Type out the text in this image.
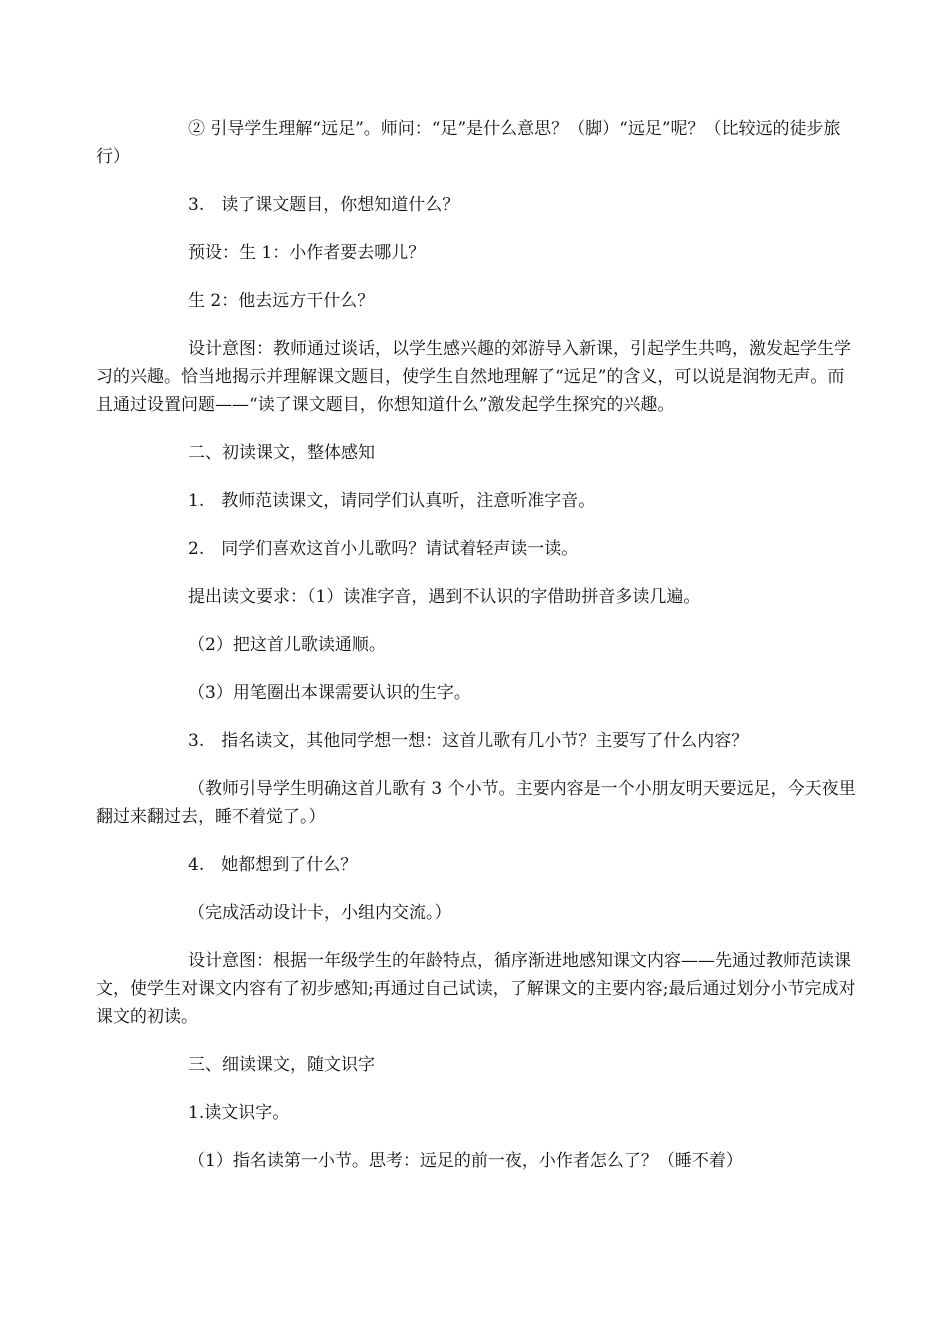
② 引导学生理解“远足”。师问：“足”是什么意思？（脚）“远足”呢？（比较远的徒步旅行）

3.　读了课文题目，你想知道什么？

预设：生 1：小作者要去哪儿？

生 2：他去远方干什么？

设计意图：教师通过谈话，以学生感兴趣的郊游导入新课，引起学生共鸣，激发起学生学习的兴趣。恰当地揭示并理解课文题目，使学生自然地理解了“远足”的含义，可以说是润物无声。而且通过设置问题——“读了课文题目，你想知道什么”激发起学生探究的兴趣。

二、初读课文，整体感知

1.　教师范读课文，请同学们认真听，注意听准字音。

2.　同学们喜欢这首小儿歌吗？请试着轻声读一读。

提出读文要求：（1）读准字音，遇到不认识的字借助拼音多读几遍。

（2）把这首儿歌读通顺。

（3）用笔圈出本课需要认识的生字。

3.　指名读文，其他同学想一想：这首儿歌有几小节？主要写了什么内容？

（教师引导学生明确这首儿歌有 3 个小节。主要内容是一个小朋友明天要远足，今天夜里翻过来翻过去，睡不着觉了。）

4.　她都想到了什么？

（完成活动设计卡，小组内交流。）

设计意图：根据一年级学生的年龄特点，循序渐进地感知课文内容——先通过教师范读课文，使学生对课文内容有了初步感知;再通过自己试读，了解课文的主要内容;最后通过划分小节完成对课文的初读。

三、细读课文，随文识字

1.读文识字。

（1）指名读第一小节。思考：远足的前一夜，小作者怎么了？（睡不着）
